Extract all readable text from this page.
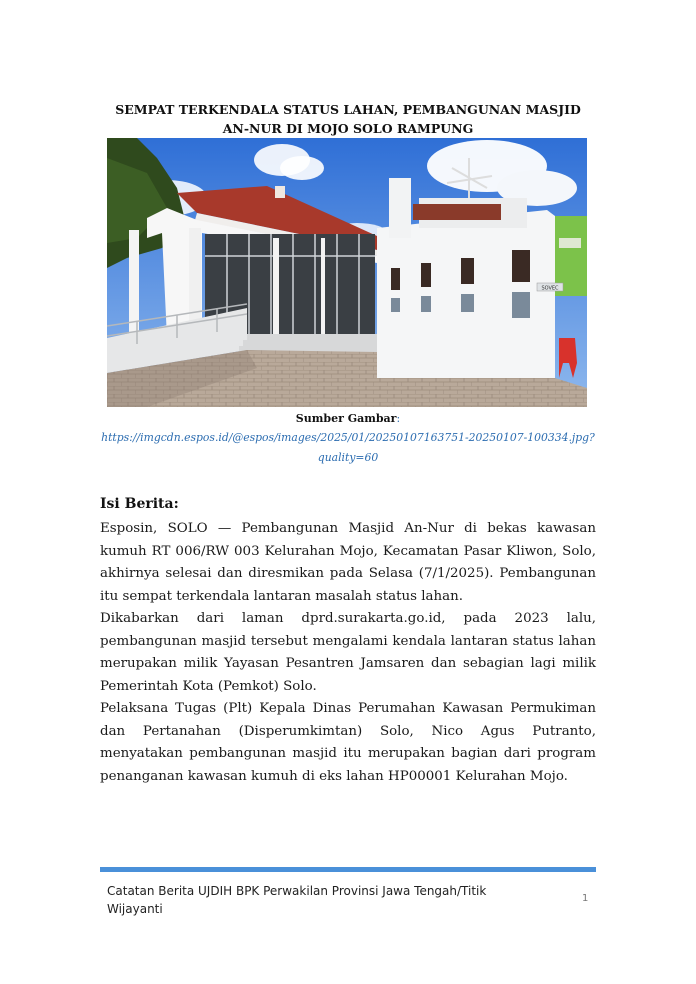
SEMPAT TERKENDALA STATUS LAHAN, PEMBANGUNAN MASJID AN-NUR DI MOJO SOLO RAMPUNG
SOVEC
Sumber Gambar:
https://imgcdn.espos.id/@espos/images/2025/01/20250107163751-20250107-100334.jpg?quality=60
Isi Berita:

Esposin, SOLO — Pembangunan Masjid An-Nur di bekas kawasan kumuh RT 006/RW 003 Kelurahan Mojo, Kecamatan Pasar Kliwon, Solo, akhirnya selesai dan diresmikan pada Selasa (7/1/2025). Pembangunan itu sempat terkendala lantaran masalah status lahan.

Dikabarkan dari laman dprd.surakarta.go.id, pada 2023 lalu, pembangunan masjid tersebut mengalami kendala lantaran status lahan merupakan milik Yayasan Pesantren Jamsaren dan sebagian lagi milik Pemerintah Kota (Pemkot) Solo.

Pelaksana Tugas (Plt) Kepala Dinas Perumahan Kawasan Permukiman dan Pertanahan (Disperumkimtan) Solo, Nico Agus Putranto, menyatakan pembangunan masjid itu merupakan bagian dari program penanganan kawasan kumuh di eks lahan HP00001 Kelurahan Mojo.

Catatan Berita UJDIH BPK Perwakilan Provinsi Jawa Tengah/Titik Wijayanti
1
